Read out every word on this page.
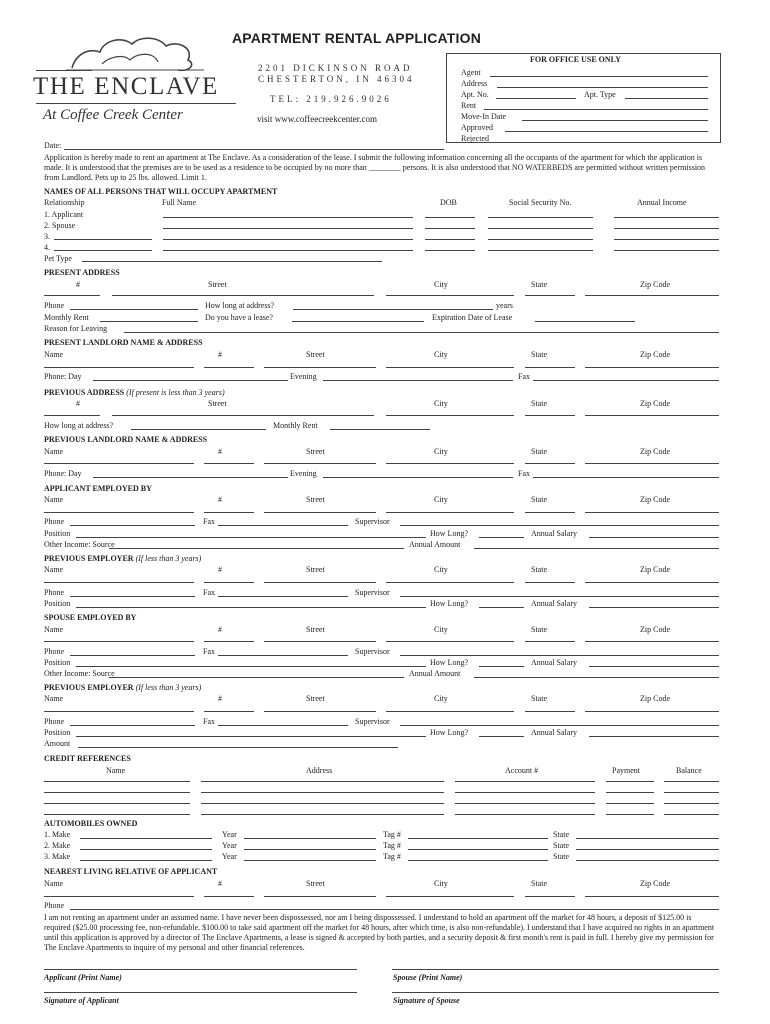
APARTMENT RENTAL APPLICATION
THE ENCLAVE
At Coffee Creek Center
2201 DICKINSON ROAD
CHESTERTON, IN 46304
TEL: 219.926.9026
visit www.coffeecreekcenter.com
FOR OFFICE USE ONLY
Agent
Address
Apt. No.	Apt. Type
Rent
Move-In Date
Approved
Rejected
Date:
Application is hereby made to rent an apartment at The Enclave. As a consideration of the lease. I submit the following information concerning all the occupants of the apartment for which the application is made. It is understood that the premises are to be used as a residence to be occupied by no more than ________ persons. It is also understood that NO WATERBEDS are permitted without written permission from Landlord. Pets up to 25 lbs. allowed. Limit 1.
NAMES OF ALL PERSONS THAT WILL OCCUPY APARTMENT
Relationship	Full Name	DOB	Social Security No.	Annual Income
1. Applicant
2. Spouse
3.
4.
Pet Type
PRESENT ADDRESS
#	Street	City	State	Zip Code
Phone	How long at address?	years
Monthly Rent	Do you have a lease?	Expiration Date of Lease
Reason for Leaving
PRESENT LANDLORD NAME & ADDRESS
Name	#	Street	City	State	Zip Code
Phone: Day	Evening	Fax
PREVIOUS ADDRESS (If present is less than 3 years)
#	Street	City	State	Zip Code
How long at address?	Monthly Rent
PREVIOUS LANDLORD NAME & ADDRESS
Name	#	Street	City	State	Zip Code
Phone: Day	Evening	Fax
APPLICANT EMPLOYED BY
Name	#	Street	City	State	Zip Code
Phone	Fax	Supervisor
Position	How Long?	Annual Salary
Other Income: Source	Annual Amount
PREVIOUS EMPLOYER (If less than 3 years)
Name	#	Street	City	State	Zip Code
Phone	Fax	Supervisor
Position	How Long?	Annual Salary
SPOUSE EMPLOYED BY
Name	#	Street	City	State	Zip Code
Phone	Fax	Supervisor
Position	How Long?	Annual Salary
Other Income: Source	Annual Amount
PREVIOUS EMPLOYER (If less than 3 years)
Name	#	Street	City	State	Zip Code
Phone	Fax	Supervisor
Position	How Long?	Annual Salary
Amount
CREDIT REFERENCES
Name	Address	Account #	Payment	Balance
AUTOMOBILES OWNED
1. Make	Year	Tag #	State
2. Make	Year	Tag #	State
3. Make	Year	Tag #	State
NEAREST LIVING RELATIVE OF APPLICANT
Name	#	Street	City	State	Zip Code
Phone
I am not renting an apartment under an assumed name. I have never been dispossessed, nor am I being dispossessed. I understand to hold an apartment off the market for 48 hours, a deposit of $125.00 is required ($25.00 processing fee, non-refundable. $100.00 to take said apartment off the market for 48 hours, after which time, is also non-refundable). I understand that I have acquired no rights in an apartment until this application is approved by a director of The Enclave Apartments, a lease is signed & accepted by both parties, and a security deposit & first month's rent is paid in full. I hereby give my permission for The Enclave Apartments to inquire of my personal and other financial references.
Applicant (Print Name)	Spouse (Print Name)
Signature of Applicant	Signature of Spouse
